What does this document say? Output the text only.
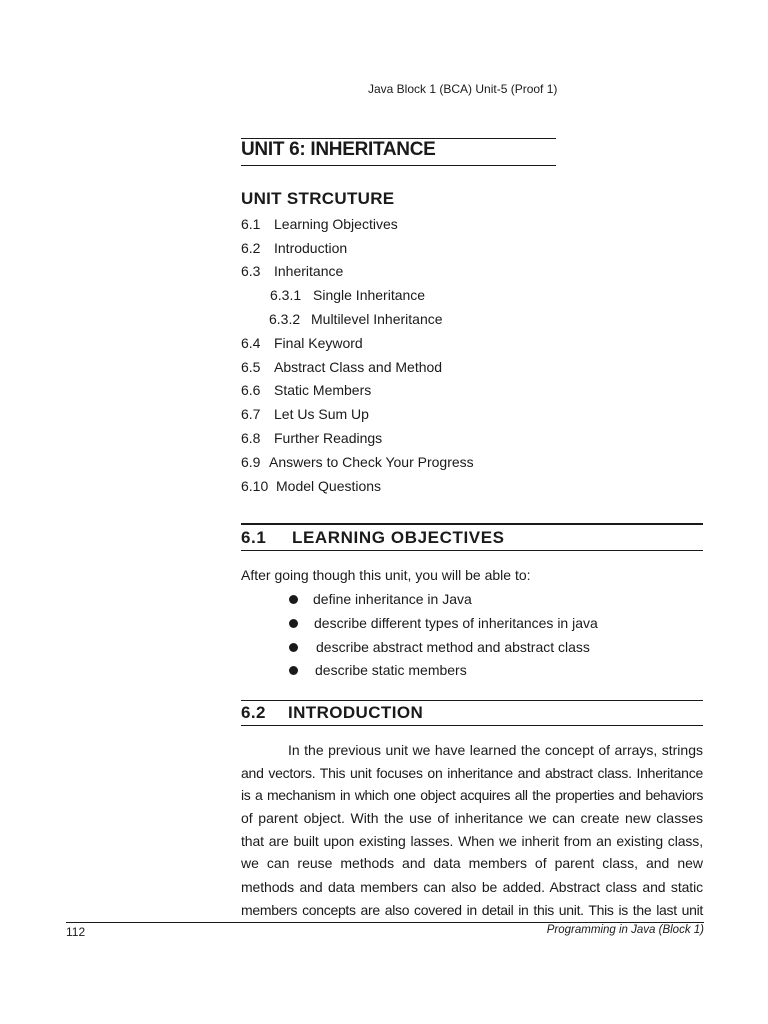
Java Block 1 (BCA) Unit-5 (Proof 1)
UNIT 6: INHERITANCE
UNIT STRCUTURE
6.1 Learning Objectives
6.2 Introduction
6.3 Inheritance
6.3.1 Single Inheritance
6.3.2 Multilevel Inheritance
6.4 Final Keyword
6.5 Abstract Class and Method
6.6 Static Members
6.7 Let Us Sum Up
6.8 Further Readings
6.9 Answers to Check Your Progress
6.10 Model Questions
6.1 LEARNING OBJECTIVES
After going though this unit, you will be able to:
define inheritance in Java
describe different types of inheritances in java
describe abstract method and abstract class
describe static members
6.2 INTRODUCTION
In the previous unit we have learned the concept of arrays, strings
and vectors. This unit focuses on inheritance and abstract class. Inheritance
is a mechanism in which one object acquires all the properties and behaviors
of parent object. With the use of inheritance we can create new classes
that are built upon existing lasses. When we inherit from an existing class,
we can reuse methods and data members of parent class, and new
methods and data members can also be added. Abstract class and static
members concepts are also covered in detail in this unit. This is the last unit
112	Programming in Java (Block 1)
